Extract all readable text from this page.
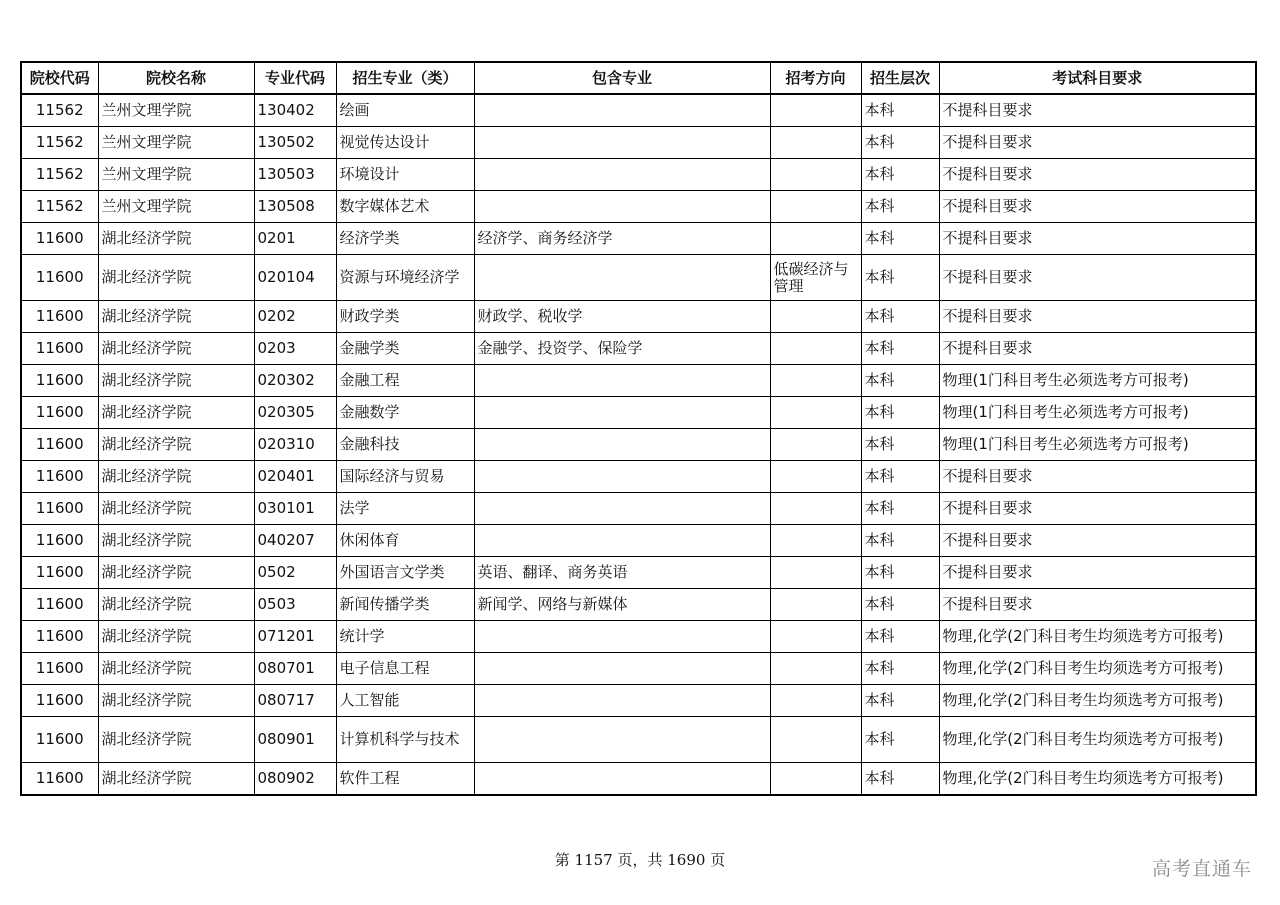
院校代码	院校名称	专业代码	招生专业（类）	包含专业	招考方向	招生层次	考试科目要求
11562	兰州文理学院	130402	绘画			本科	不提科目要求
11562	兰州文理学院	130502	视觉传达设计			本科	不提科目要求
11562	兰州文理学院	130503	环境设计			本科	不提科目要求
11562	兰州文理学院	130508	数字媒体艺术			本科	不提科目要求
11600	湖北经济学院	0201	经济学类	经济学、商务经济学		本科	不提科目要求
11600	湖北经济学院	020104	资源与环境经济学		低碳经济与管理	本科	不提科目要求
11600	湖北经济学院	0202	财政学类	财政学、税收学		本科	不提科目要求
11600	湖北经济学院	0203	金融学类	金融学、投资学、保险学		本科	不提科目要求
11600	湖北经济学院	020302	金融工程			本科	物理(1门科目考生必须选考方可报考)
11600	湖北经济学院	020305	金融数学			本科	物理(1门科目考生必须选考方可报考)
11600	湖北经济学院	020310	金融科技			本科	物理(1门科目考生必须选考方可报考)
11600	湖北经济学院	020401	国际经济与贸易			本科	不提科目要求
11600	湖北经济学院	030101	法学			本科	不提科目要求
11600	湖北经济学院	040207	休闲体育			本科	不提科目要求
11600	湖北经济学院	0502	外国语言文学类	英语、翻译、商务英语		本科	不提科目要求
11600	湖北经济学院	0503	新闻传播学类	新闻学、网络与新媒体		本科	不提科目要求
11600	湖北经济学院	071201	统计学			本科	物理,化学(2门科目考生均须选考方可报考)
11600	湖北经济学院	080701	电子信息工程			本科	物理,化学(2门科目考生均须选考方可报考)
11600	湖北经济学院	080717	人工智能			本科	物理,化学(2门科目考生均须选考方可报考)
11600	湖北经济学院	080901	计算机科学与技术			本科	物理,化学(2门科目考生均须选考方可报考)
11600	湖北经济学院	080902	软件工程			本科	物理,化学(2门科目考生均须选考方可报考)
第 1157 页，共 1690 页	高考直通车
